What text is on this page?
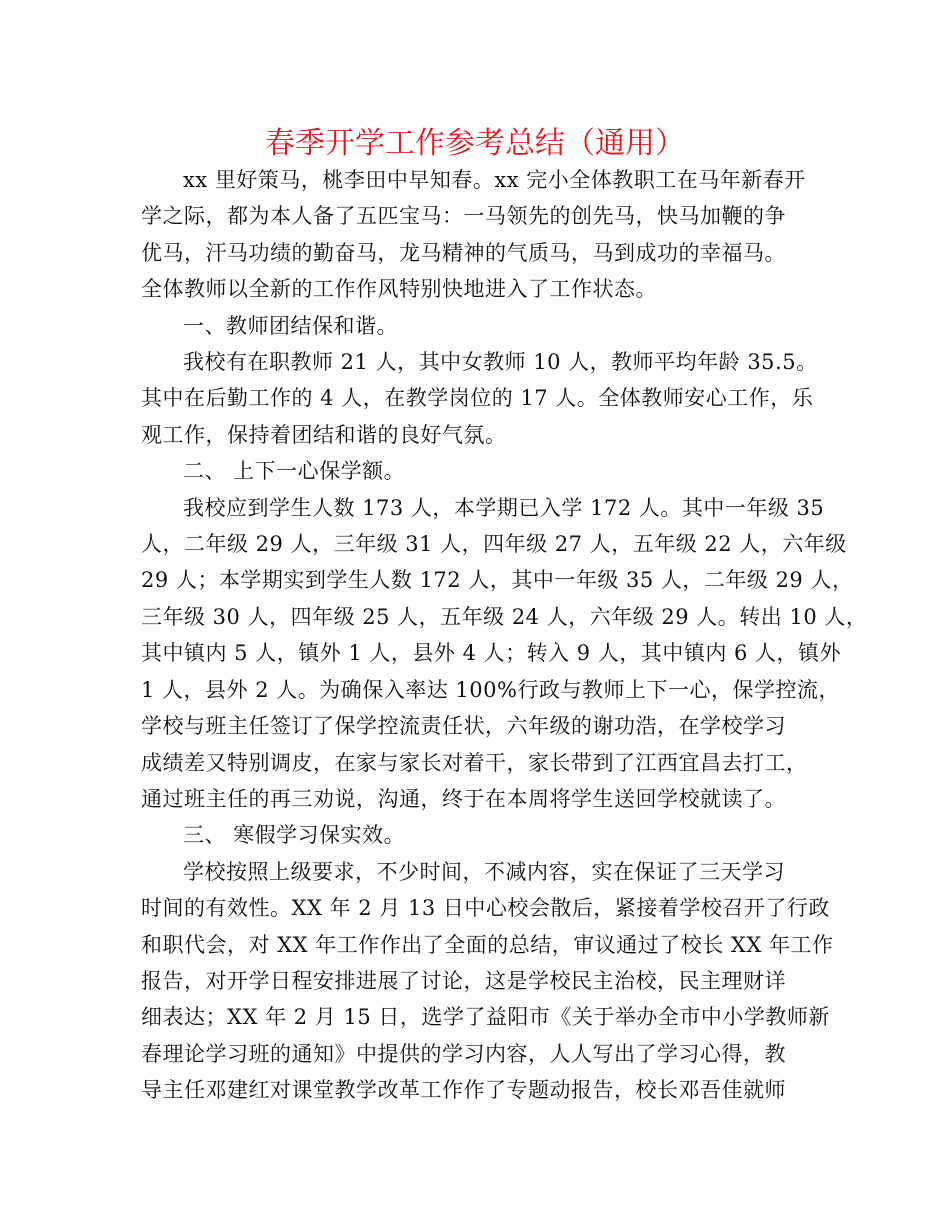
春季开学工作参考总结（通用）

xx 里好策马，桃李田中早知春。xx 完小全体教职工在马年新春开
学之际，都为本人备了五匹宝马：一马领先的创先马，快马加鞭的争
优马，汗马功绩的勤奋马，龙马精神的气质马，马到成功的幸福马。
全体教师以全新的工作作风特别快地进入了工作状态。

一、教师团结保和谐。

我校有在职教师 21 人，其中女教师 10 人，教师平均年龄 35.5。
其中在后勤工作的 4 人，在教学岗位的 17 人。全体教师安心工作，乐
观工作，保持着团结和谐的良好气氛。

二、 上下一心保学额。

我校应到学生人数 173 人，本学期已入学 172 人。其中一年级 35
人，二年级 29 人，三年级 31 人，四年级 27 人，五年级 22 人，六年级
29 人；本学期实到学生人数 172 人，其中一年级 35 人，二年级 29 人，
三年级 30 人，四年级 25 人，五年级 24 人，六年级 29 人。转出 10 人，
其中镇内 5 人，镇外 1 人，县外 4 人；转入 9 人，其中镇内 6 人，镇外
1 人，县外 2 人。为确保入率达 100%行政与教师上下一心，保学控流，
学校与班主任签订了保学控流责任状，六年级的谢功浩，在学校学习
成绩差又特别调皮，在家与家长对着干，家长带到了江西宜昌去打工，
通过班主任的再三劝说，沟通，终于在本周将学生送回学校就读了。

三、 寒假学习保实效。

学校按照上级要求，不少时间，不减内容，实在保证了三天学习
时间的有效性。XX 年 2 月 13 日中心校会散后，紧接着学校召开了行政
和职代会，对 XX 年工作作出了全面的总结，审议通过了校长 XX 年工作
报告，对开学日程安排进展了讨论，这是学校民主治校，民主理财详
细表达；XX 年 2 月 15 日，选学了益阳市《关于举办全市中小学教师新
春理论学习班的通知》中提供的学习内容，人人写出了学习心得，教
导主任邓建红对课堂教学改革工作作了专题动报告，校长邓吾佳就师
